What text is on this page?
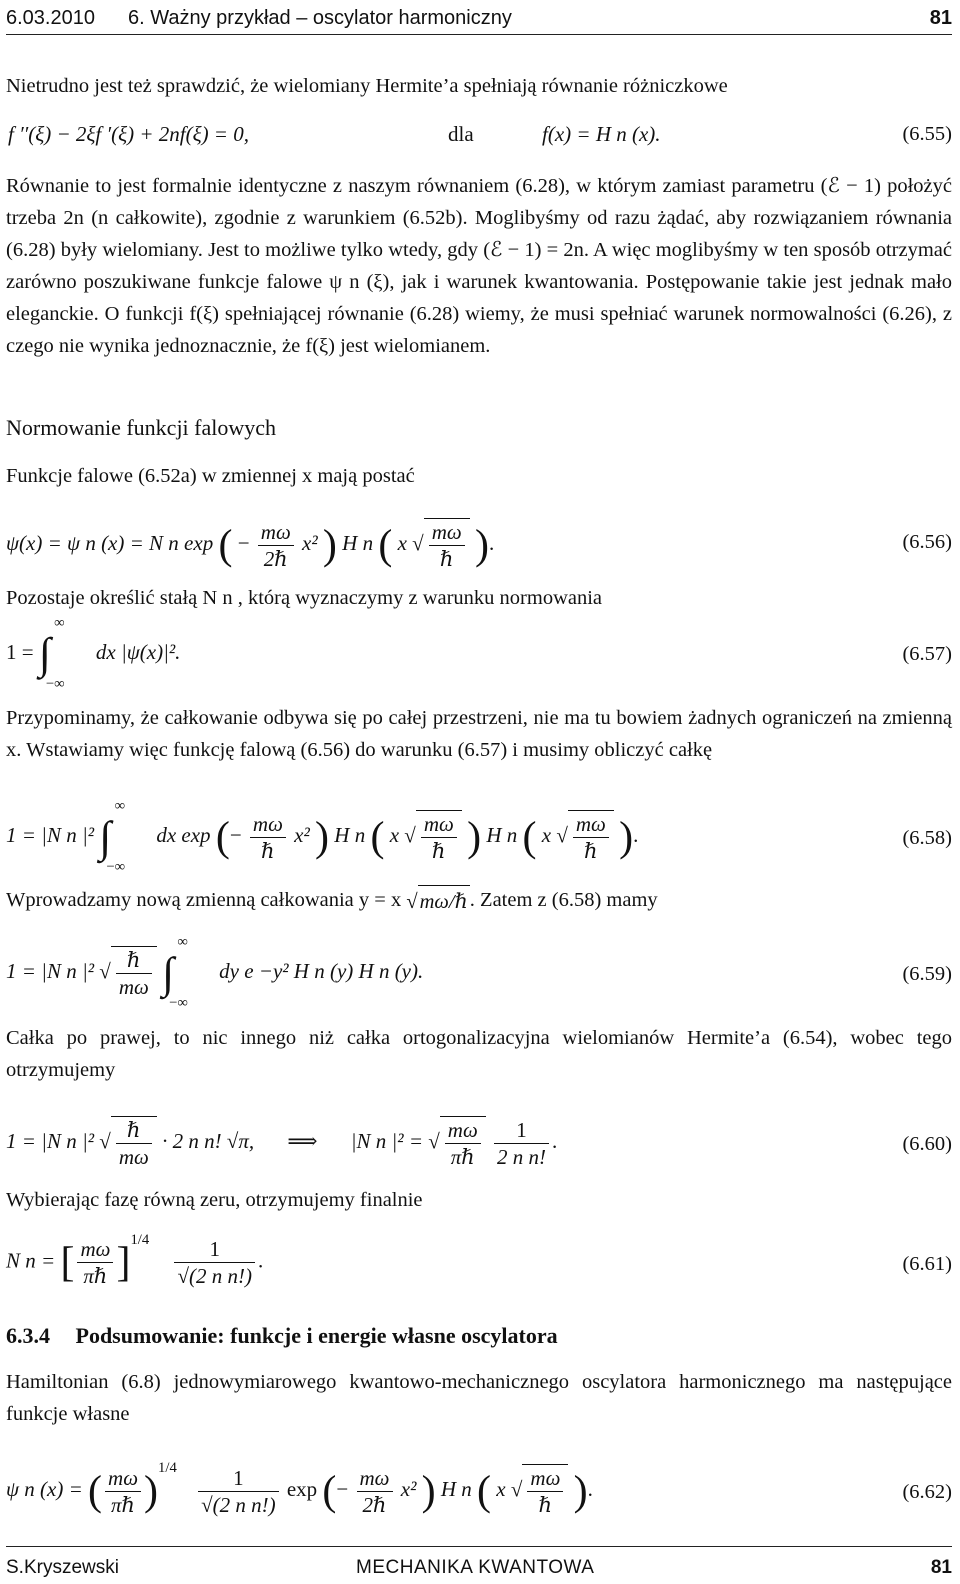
6.03.2010 6. Ważny przykład – oscylator harmoniczny	81

Nietrudno jest też sprawdzić, że wielomiany Hermite’a spełniają równanie różniczkowe

f ′′(ξ) − 2ξf ′(ξ) + 2nf(ξ) = 0,	dla	f(x) = H n (x).	(6.55)

Równanie to jest formalnie identyczne z naszym równaniem (6.28), w którym zamiast parametru (ℰ − 1) położyć trzeba 2n (n całkowite), zgodnie z warunkiem (6.52b). Moglibyśmy od razu żądać, aby rozwiązaniem równania (6.28) były wielomiany. Jest to możliwe tylko wtedy, gdy (ℰ − 1) = 2n. A więc moglibyśmy w ten sposób otrzymać zarówno poszukiwane funkcje falowe ψ n (ξ), jak i warunek kwantowania. Postępowanie takie jest jednak mało eleganckie. O funkcji f(ξ) spełniającej równanie (6.28) wiemy, że musi spełniać warunek normowalności (6.26), z czego nie wynika jednoznacznie, że f(ξ) jest wielomianem.

Normowanie funkcji falowych

Funkcje falowe (6.52a) w zmiennej x mają postać

ψ(x) = ψ n (x) = N n exp ( − $\frac{m\omega}{\text{2ℏ}} x^2$ ) H n ( x √ $\frac{m\omega}{\text{ℏ}}$ ).	(6.56)

Pozostaje określić stałą N n , którą wyznaczymy z warunku normowania

1 = ∫ ∞ $_{-\infty}$ dx |ψ(x)|².	(6.57)

Przypominamy, że całkowanie odbywa się po całej przestrzeni, nie ma tu bowiem żadnych ograniczeń na zmienną x. Wstawiamy więc funkcję falową (6.56) do warunku (6.57) i musimy obliczyć całkę

1 = |N n |² ∫ ∞ $_{-\infty}$ dx exp (− $\frac{m\omega}{\text{ℏ}} x^2$ ) H n ( x √ $\frac{m\omega}{\text{ℏ}}$ ) H n ( x √ $\frac{m\omega}{\text{ℏ}}$ ).	(6.58)

Wprowadzamy nową zmienną całkowania y = x √mω/ℏ. Zatem z (6.58) mamy

1 = |N n |² √ $\frac{\text{ℏ}}{m\omega}$ ∫ ∞ $_{-\infty}$ dy e −y² H n (y) H n (y).	(6.59)

Całka po prawej, to nic innego niż całka ortogonalizacyjna wielomianów Hermite’a (6.54), wobec tego otrzymujemy

1 = |N n |² √ $\frac{\text{ℏ}}{m\omega} \cdot 2$ n n! √π, ⟹ |N n |² = √ $\frac{m\omega}{\text{πℏ}}$
$\frac{1}{\text{2 n n!}}$ .	(6.60)

Wybierając fazę równą zeru, otrzymujemy finalnie

N n = [ $\frac{m\omega}{\text{πℏ}} ]^{1/4} \frac{1}{\text{√(2 n n!)}}$ .	(6.61)
6.3.4 Podsumowanie: funkcje i energie własne oscylatora

Hamiltonian (6.8) jednowymiarowego kwantowo-mechanicznego oscylatora harmonicznego ma następujące funkcje własne

ψ n (x) = ( $\frac{m\omega}{\text{πℏ}} )^{1/4} \frac{1}{\text{√(2 n n!)}}$ exp (− $\frac{m\omega}{\text{2ℏ}} x^2$ ) H n ( x √ $\frac{m\omega}{\text{ℏ}}$ ).	(6.62)
S.Kryszewski	MECHANIKA KWANTOWA	81
